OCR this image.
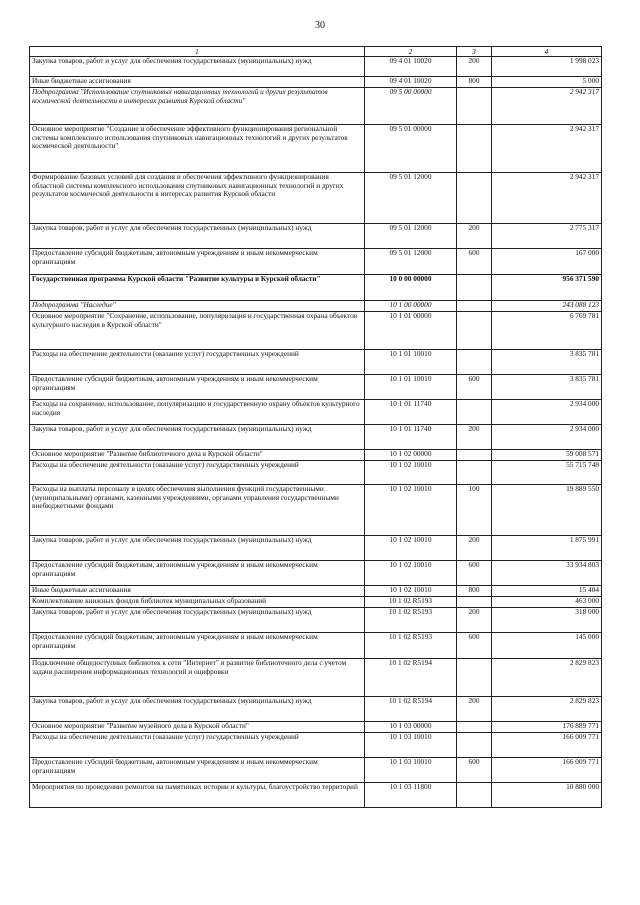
30
1	2	3	4
Закупка товаров, работ и услуг для обеспечения государственных (муниципальных) нужд	09 4 01 10020	200	1 998 023
Иные бюджетные ассигнования	09 4 01 10020	800	5 000
Подпрограмма "Использование спутниковых навигационных технологий и других результатов космической деятельности в интересах развития Курской области"	09 5 00 00000		2 942 317
Основное мероприятие "Создание и обеспечение эффективного функционирования региональной системы комплексного использования спутниковых навигационных технологий и других результатов космической деятельности"	09 5 01 00000		2 942 317
Формирование базовых условий для создания и обеспечения эффективного функционирования областной системы комплексного использования спутниковых навигационных технологий и других результатов космической деятельности в интересах развития Курской области	09 5 01 12000		2 942 317
Закупка товаров, работ и услуг для обеспечения государственных (муниципальных) нужд	09 5 01 12000	200	2 775 317
Предоставление субсидий бюджетным, автономным учреждениям и иным некоммерческим организациям	09 5 01 12000	600	167 000
Государственная программа Курской области "Развитие культуры в Курской области"	10 0 00 00000		956 371 590
Подпрограмма "Наследие"	10 1 00 00000		243 088 123
Основное мероприятие "Сохранение, использование, популяризация и государственная охрана объектов культурного наследия в Курской области"	10 1 01 00000		6 769 781
Расходы на обеспечение деятельности (оказание услуг) государственных учреждений	10 1 01 10010		3 835 781
Предоставление субсидий бюджетным, автономным учреждениям и иным некоммерческим организациям	10 1 01 10010	600	3 835 781
Расходы на сохранение, использование, популяризацию и государственную охрану объектов культурного наследия	10 1 01 11740		2 934 000
Закупка товаров, работ и услуг для обеспечения государственных (муниципальных) нужд	10 1 01 11740	200	2 934 000
Основное мероприятие "Развитие библиотечного дела в Курской области"	10 1 02 00000		59 008 571
Расходы на обеспечение деятельности (оказание услуг) государственных учреждений	10 1 02 10010		55 715 748
Расходы на выплаты персоналу в целях обеспечения выполнения функций государственными (муниципальными) органами, казенными учреждениями, органами управления государственными внебюджетными фондами	10 1 02 10010	100	19 889 550
Закупка товаров, работ и услуг для обеспечения государственных (муниципальных) нужд	10 1 02 10010	200	1 875 991
Предоставление субсидий бюджетным, автономным учреждениям и иным некоммерческим организациям	10 1 02 10010	600	33 934 803
Иные бюджетные ассигнования	10 1 02 10010	800	15 404
Комплектование книжных фондов библиотек муниципальных образований	10 1 02 R5193		463 000
Закупка товаров, работ и услуг для обеспечения государственных (муниципальных) нужд	10 1 02 R5193	200	318 000
Предоставление субсидий бюджетным, автономным учреждениям и иным некоммерческим организациям	10 1 02 R5193	600	145 000
Подключение общедоступных библиотек к сети "Интернет" и развитие библиотечного дела с учетом задачи расширения информационных технологий и оцифровки	10 1 02 R5194		2 829 823
Закупка товаров, работ и услуг для обеспечения государственных (муниципальных) нужд	10 1 02 R5194	200	2 829 823
Основное мероприятие "Развитие музейного дела в Курской области"	10 1 03 00000		176 889 771
Расходы на обеспечение деятельности (оказание услуг) государственных учреждений	10 1 03 10010		166 009 771
Предоставление субсидий бюджетным, автономным учреждениям и иным некоммерческим организациям	10 1 03 10010	600	166 009 771
Мероприятия по проведению ремонтов на памятниках истории и культуры, благоустройство территорий	10 1 03 11800		10 880 000
